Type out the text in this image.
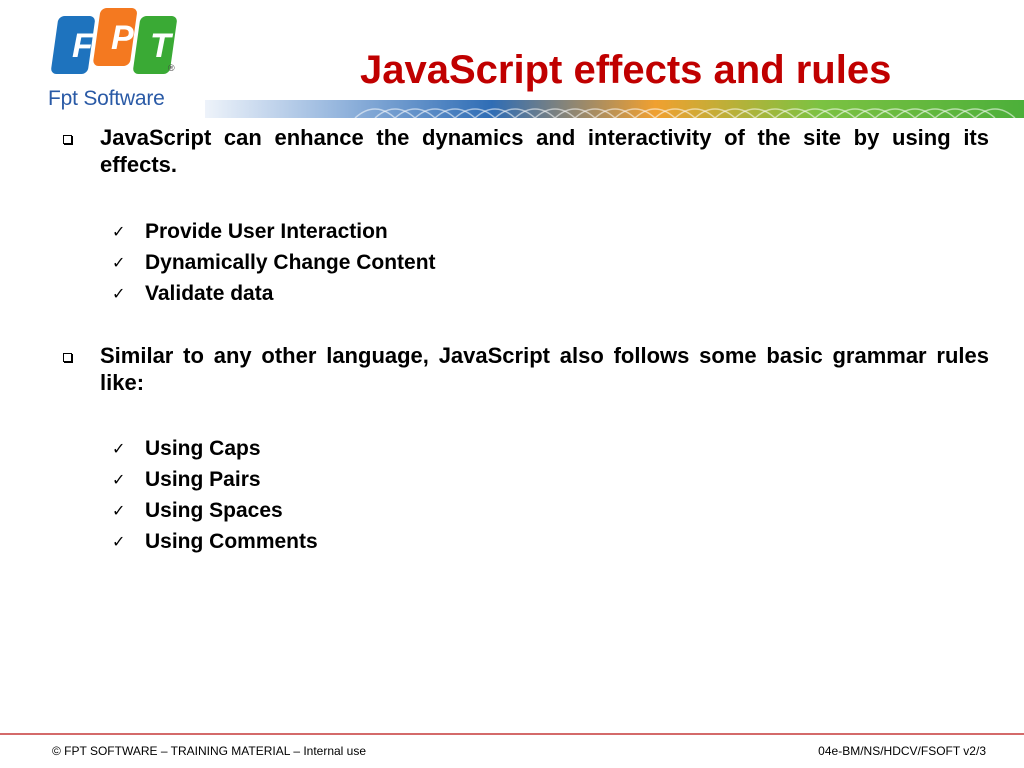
F P T
®
Fpt Software
JavaScript effects and rules
JavaScript can enhance the dynamics and interactivity of the site by using its effects.
✓ Provide User Interaction
✓ Dynamically Change Content
✓ Validate data
Similar to any other language, JavaScript also follows some basic grammar rules like:
✓ Using Caps
✓ Using Pairs
✓ Using Spaces
✓ Using Comments
© FPT SOFTWARE – TRAINING MATERIAL – Internal use	04e-BM/NS/HDCV/FSOFT v2/3
